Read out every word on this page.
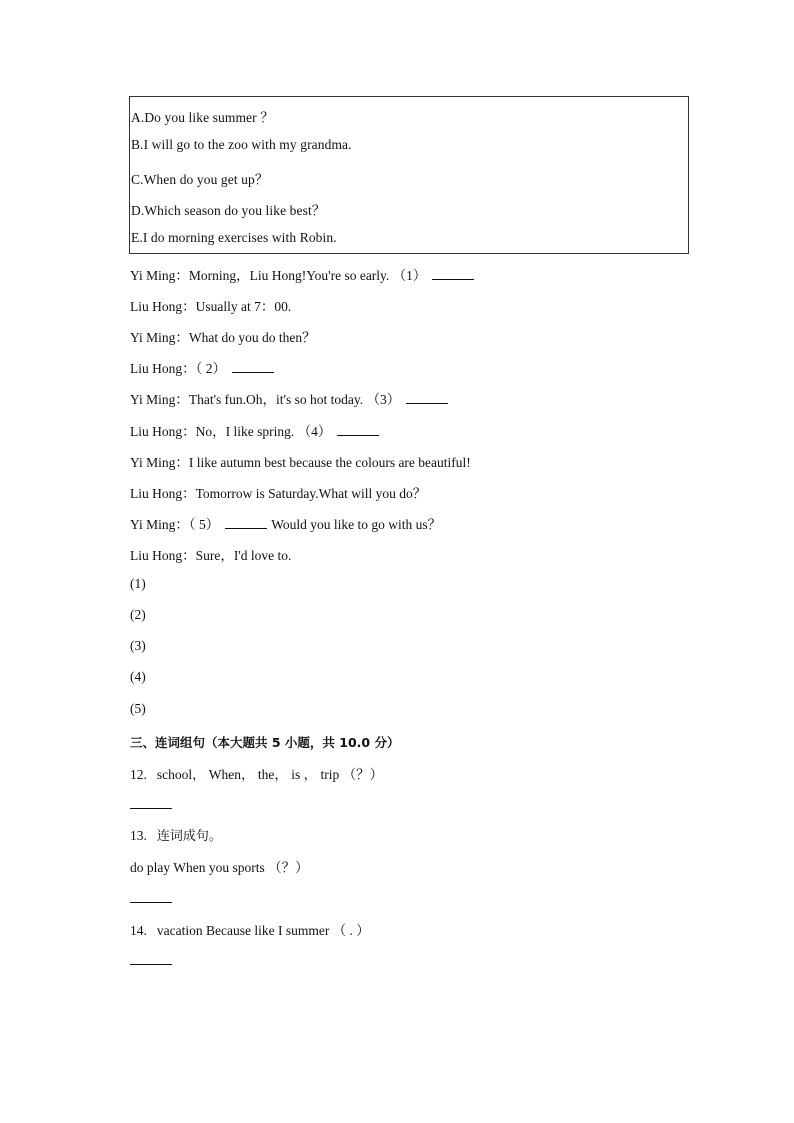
A.Do you like summer ？
B.I will go to the zoo with my grandma.
C.When do you get up？
D.Which season do you like best？
E.I do morning exercises with Robin.
Yi Ming：Morning，Liu Hong!You're so early. （1）
Liu Hong：Usually at 7：00.
Yi Ming：What do you do then？
Liu Hong：（ 2）
Yi Ming：That's fun.Oh，it's so hot today. （3）
Liu Hong：No，I like spring. （4）
Yi Ming：I like autumn best because the colours are beautiful!
Liu Hong：Tomorrow is Saturday.What will you do？
Yi Ming：（ 5）	Would you like to go with us？
Liu Hong：Sure，I'd love to.
(1)
(2)
(3)
(4)
(5)
三、连词组句（本大题共 5 小题，共 10.0 分）
12. school， When， the， is ， trip （？）
13. 连词成句。
do play When you sports （？）
14. vacation Because like I summer （ . ）
